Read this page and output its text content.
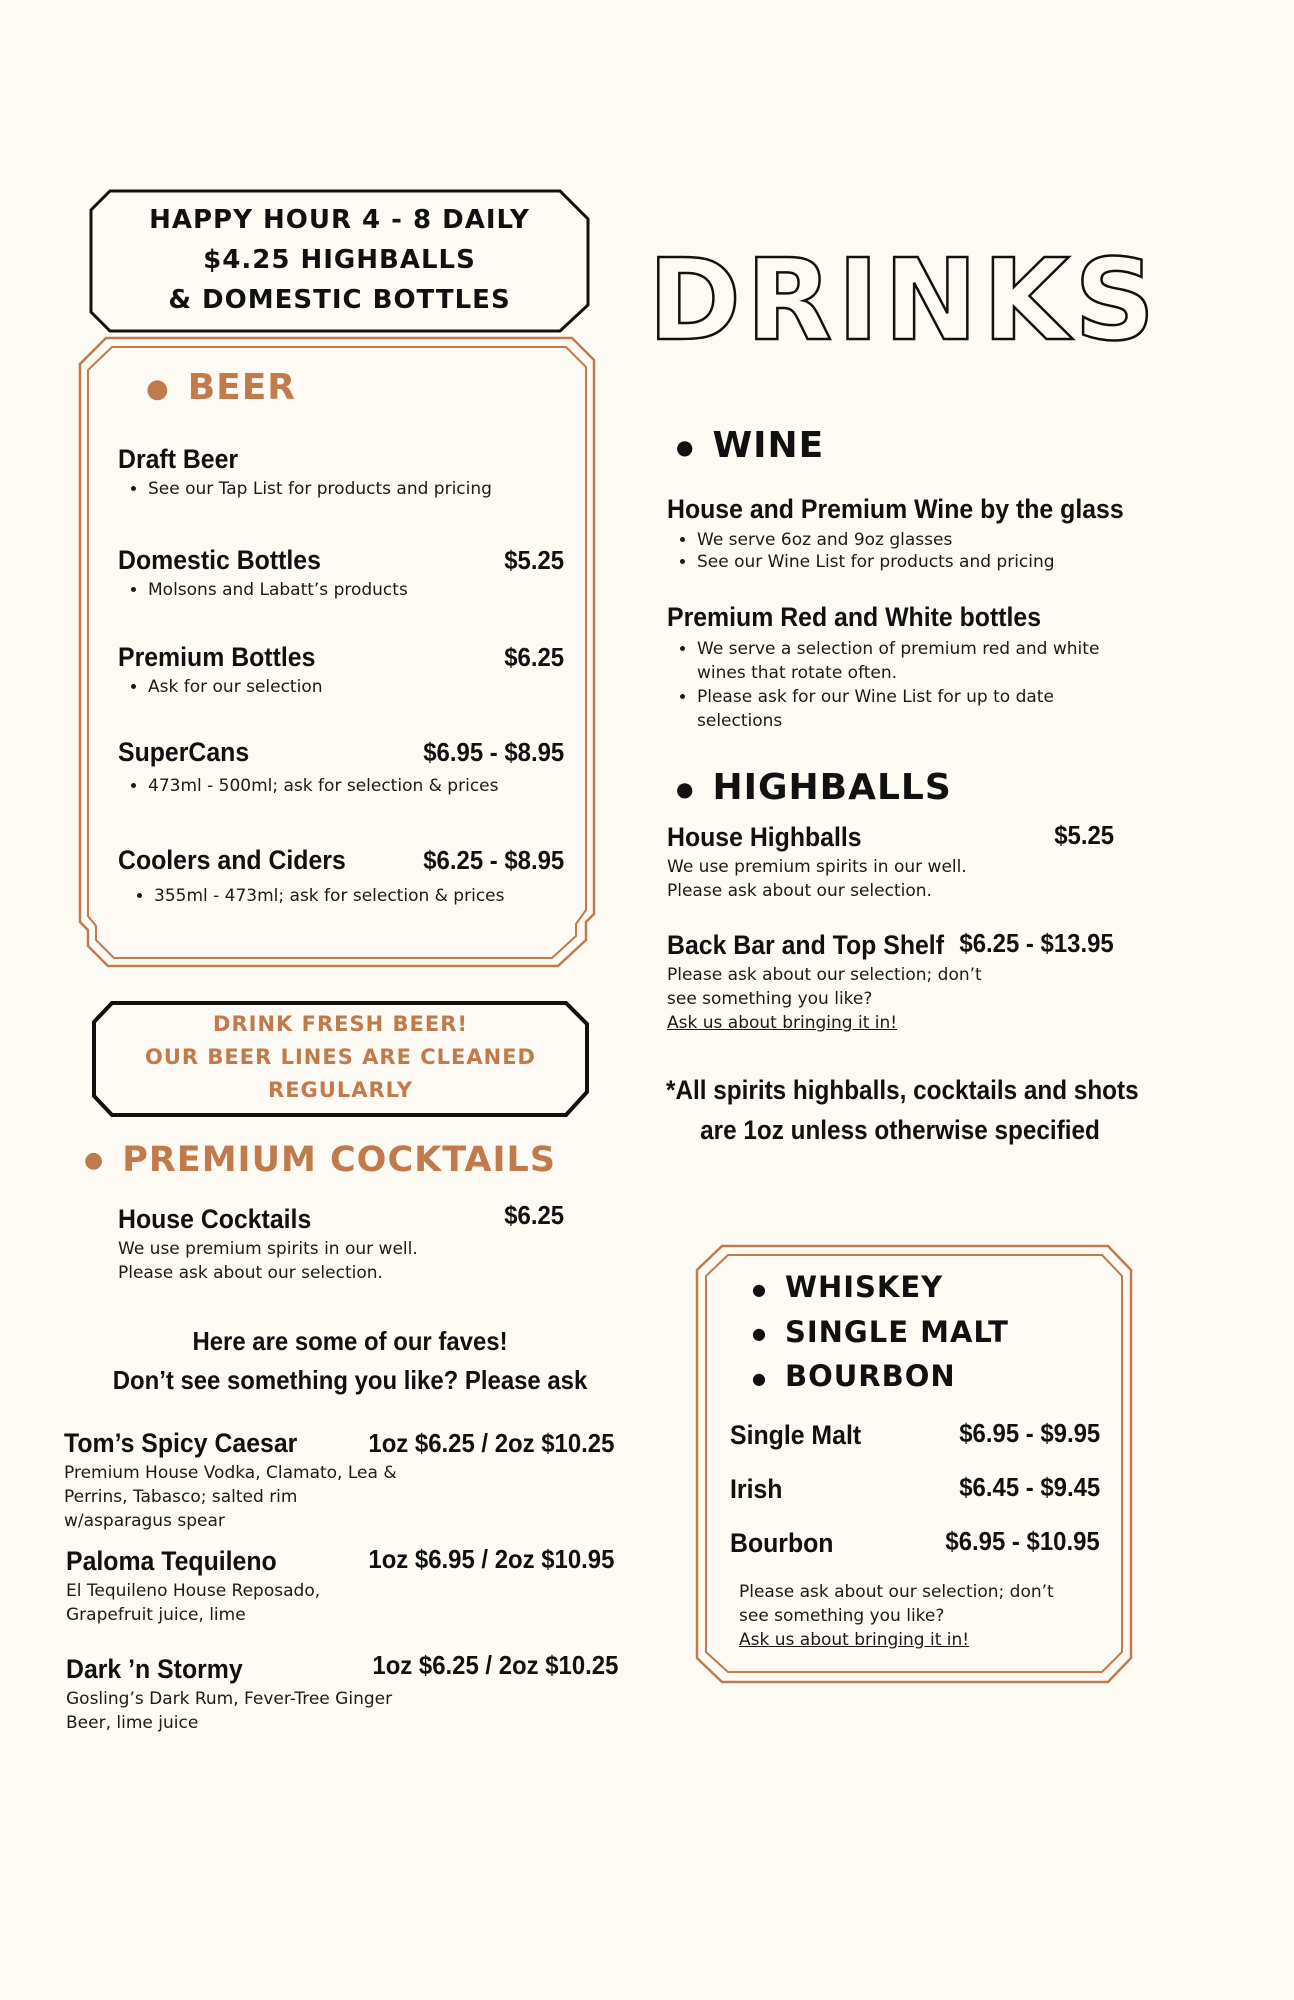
HAPPY HOUR 4 - 8 DAILY
$4.25 HIGHBALLS
& DOMESTIC BOTTLES	DRINKS
● BEER
Draft Beer
• See our Tap List for products and pricing
Domestic Bottles	$5.25
• Molsons and Labatt’s products
Premium Bottles	$6.25
• Ask for our selection
SuperCans	$6.95 - $8.95
• 473ml - 500ml; ask for selection & prices
Coolers and Ciders	$6.25 - $8.95
• 355ml - 473ml; ask for selection & prices
DRINK FRESH BEER!
OUR BEER LINES ARE CLEANED
REGULARLY
● PREMIUM COCKTAILS
House Cocktails	$6.25
We use premium spirits in our well.
Please ask about our selection.
Here are some of our faves!
Don’t see something you like? Please ask
Tom’s Spicy Caesar	1oz $6.25 / 2oz $10.25
Premium House Vodka, Clamato, Lea &
Perrins, Tabasco; salted rim
w/asparagus spear
Paloma Tequileno	1oz $6.95 / 2oz $10.95
El Tequileno House Reposado,
Grapefruit juice, lime
Dark ’n Stormy	1oz $6.25 / 2oz $10.25
Gosling’s Dark Rum, Fever-Tree Ginger
Beer, lime juice
● WINE
House and Premium Wine by the glass
• We serve 6oz and 9oz glasses
• See our Wine List for products and pricing
Premium Red and White bottles
• We serve a selection of premium red and white
wines that rotate often.
• Please ask for our Wine List for up to date
selections
● HIGHBALLS
House Highballs	$5.25
We use premium spirits in our well.
Please ask about our selection.
Back Bar and Top Shelf $6.25 - $13.95
Please ask about our selection; don’t
see something you like?
Ask us about bringing it in!
*All spirits highballs, cocktails and shots
are 1oz unless otherwise specified
● WHISKEY
● SINGLE MALT
● BOURBON
Single Malt	$6.95 - $9.95
Irish	$6.45 - $9.45
Bourbon	$6.95 - $10.95
Please ask about our selection; don’t
see something you like?
Ask us about bringing it in!
